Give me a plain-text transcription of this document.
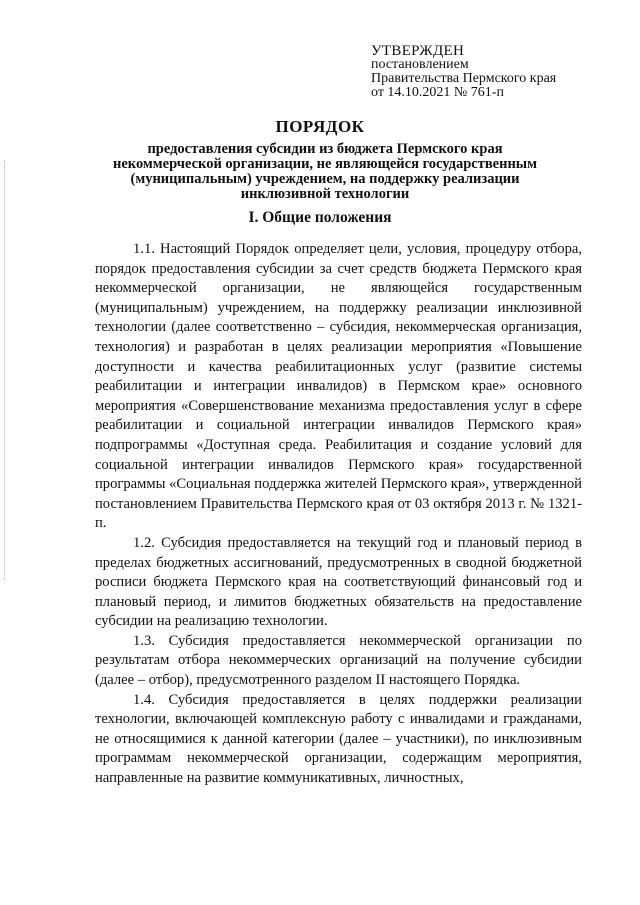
УТВЕРЖДЕН
постановлением
Правительства Пермского края
от 14.10.2021 № 761-п
ПОРЯДОК
предоставления субсидии из бюджета Пермского края некоммерческой организации, не являющейся государственным (муниципальным) учреждением, на поддержку реализации инклюзивной технологии
I. Общие положения

1.1. Настоящий Порядок определяет цели, условия, процедуру отбора, порядок предоставления субсидии за счет средств бюджета Пермского края некоммерческой организации, не являющейся государственным (муниципальным) учреждением, на поддержку реализации инклюзивной технологии (далее соответственно – субсидия, некоммерческая организация, технология) и разработан в целях реализации мероприятия «Повышение доступности и качества реабилитационных услуг (развитие системы реабилитации и интеграции инвалидов) в Пермском крае» основного мероприятия «Совершенствование механизма предоставления услуг в сфере реабилитации и социальной интеграции инвалидов Пермского края» подпрограммы «Доступная среда. Реабилитация и создание условий для социальной интеграции инвалидов Пермского края» государственной программы «Социальная поддержка жителей Пермского края», утвержденной постановлением Правительства Пермского края от 03 октября 2013 г. № 1321-п.

1.2. Субсидия предоставляется на текущий год и плановый период в пределах бюджетных ассигнований, предусмотренных в сводной бюджетной росписи бюджета Пермского края на соответствующий финансовый год и плановый период, и лимитов бюджетных обязательств на предоставление субсидии на реализацию технологии.

1.3. Субсидия предоставляется некоммерческой организации по результатам отбора некоммерческих организаций на получение субсидии (далее – отбор), предусмотренного разделом II настоящего Порядка.

1.4. Субсидия предоставляется в целях поддержки реализации технологии, включающей комплексную работу с инвалидами и гражданами, не относящимися к данной категории (далее – участники), по инклюзивным программам некоммерческой организации, содержащим мероприятия, направленные на развитие коммуникативных, личностных,
